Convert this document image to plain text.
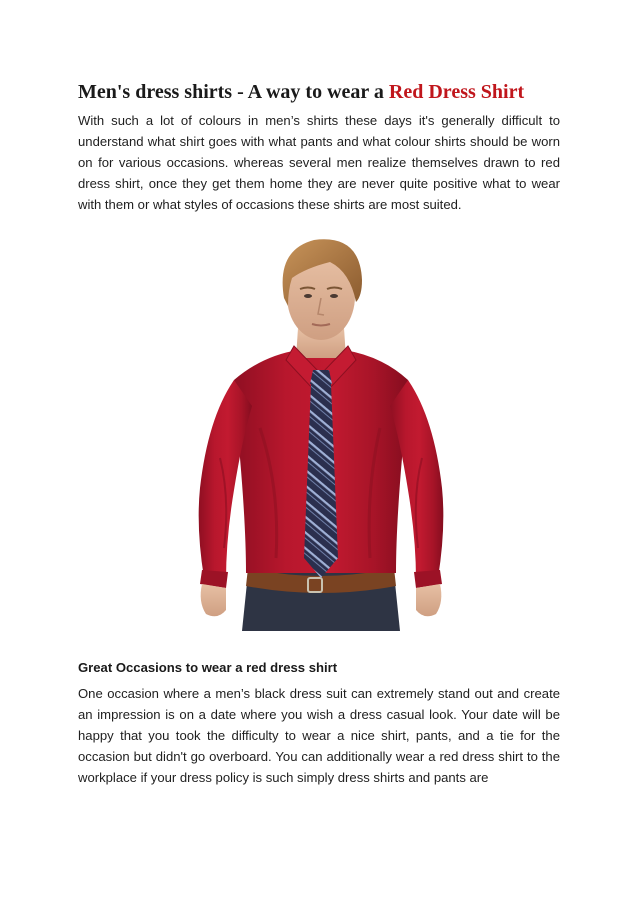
Men's dress shirts - A way to wear a Red Dress Shirt

With such a lot of colours in men’s shirts these days it's generally difficult to understand what shirt goes with what pants and what colour shirts should be worn on for various occasions. whereas several men realize themselves drawn to red dress shirt, once they get them home they are never quite positive what to wear with them or what styles of occasions these shirts are most suited.

Great Occasions to wear a red dress shirt

One occasion where a men’s black dress suit can extremely stand out and create an impression is on a date where you wish a dress casual look. Your date will be happy that you took the difficulty to wear a nice shirt, pants, and a tie for the occasion but didn't go overboard. You can additionally wear a red dress shirt to the workplace if your dress policy is such simply dress shirts and pants are
